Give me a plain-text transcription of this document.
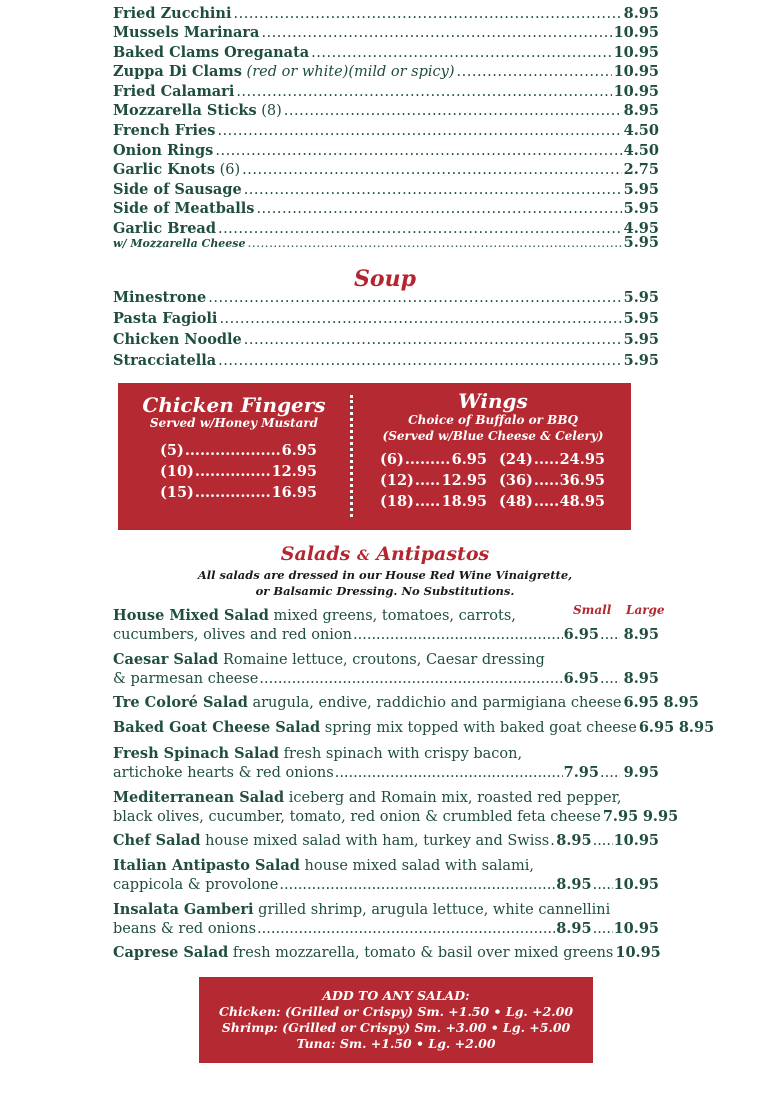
Fried Zucchini .....	8.95
Mussels Marinara .....	10.95
Baked Clams Oreganata .....	10.95
Zuppa Di Clams
(red or white)(mild or spicy) .....	10.95
Fried Calamari .....	10.95
Mozzarella Sticks
(8) .....	8.95
French Fries .....	4.50
Onion Rings .....	4.50
Garlic Knots
(6) .....	2.75
Side of Sausage .....	5.95
Side of Meatballs .....	5.95
Garlic Bread .....	4.95
w/ Mozzarella Cheese .....	5.95
Soup
Minestrone .....	5.95
Pasta Fagioli .....	5.95
Chicken Noodle .....	5.95
Stracciatella .....	5.95
Chicken Fingers
Served w/Honey Mustard
(5) .....	6.95
(10) .....	12.95
(15) .....	16.95
Wings
Choice of Buffalo or BBQ
(Served w/Blue Cheese & Celery)
(6) .....	6.95
(12) ..... 12.95
(18) ..... 18.95
(24) ..... 24.95
(36) ..... 36.95
(48) ..... 48.95
Salads & Antipastos
All salads are dressed in our House Red Wine Vinaigrette,
or Balsamic Dressing. No Substitutions.
Small Large
House Mixed Salad mixed greens, tomatoes, carrots,
cucumbers, olives and red onion .....	6.95 ..... 8.95
Caesar Salad Romaine lettuce, croutons, Caesar dressing
& parmesan cheese .....	6.95 ..... 8.95
Tre Coloré Salad
arugula, endive, raddichio and parmigiana cheese 6.95 8.95
Baked Goat Cheese Salad
spring mix topped with baked goat cheese 6.95 8.95
Fresh Spinach Salad fresh spinach with crispy bacon,
artichoke hearts & red onions .....	7.95 ..... 9.95
Mediterranean Salad iceberg and Romain mix, roasted red pepper,
black olives, cucumber, tomato, red onion & crumbled feta cheese 7.95 9.95
Chef Salad
house mixed salad with ham, turkey and Swiss ..... 8.95 ..... 10.95
Italian Antipasto Salad house mixed salad with salami,
cappicola & provolone .....	8.95 ..... 10.95
Insalata Gamberi grilled shrimp, arugula lettuce, white cannellini
beans & red onions .....	8.95 ..... 10.95
Caprese Salad
fresh mozzarella, tomato & basil over mixed greens 10.95
ADD TO ANY SALAD:
Chicken: (Grilled or Crispy) Sm. +1.50 • Lg. +2.00
Shrimp: (Grilled or Crispy) Sm. +3.00 • Lg. +5.00
Tuna: Sm. +1.50 • Lg. +2.00
